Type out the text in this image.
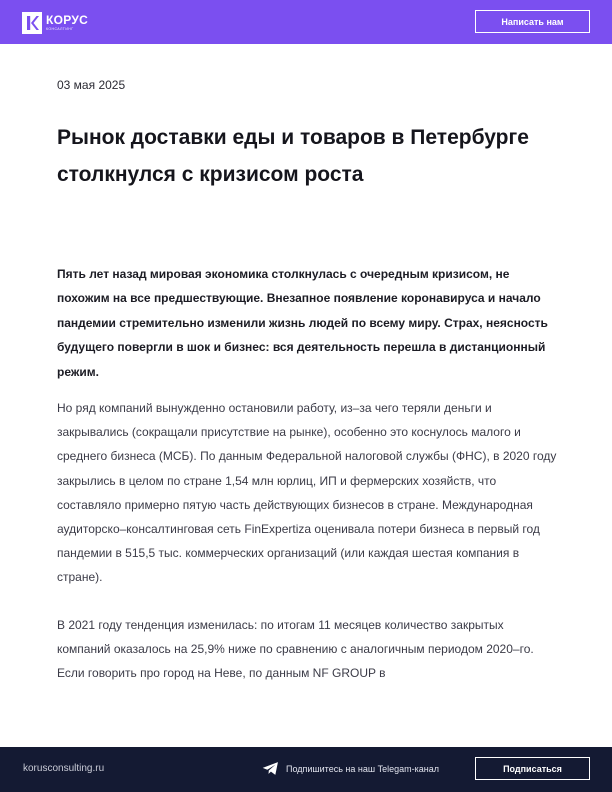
КОРУС
КОНСАЛТИНГ
Написать нам
03 мая 2025
Рынок доставки еды и товаров в Петербурге столкнулся с кризисом роста

Пять лет назад мировая экономика столкнулась с очередным кризисом, не похожим на все предшествующие. Внезапное появление коронавируса и начало пандемии стремительно изменили жизнь людей по всему миру. Страх, неясность будущего повергли в шок и бизнес: вся деятельность перешла в дистанционный режим.

Но ряд компаний вынужденно остановили работу, из–за чего теряли деньги и закрывались (сокращали присутствие на рынке), особенно это коснулось малого и среднего бизнеса (МСБ). По данным Федеральной налоговой службы (ФНС), в 2020 году закрылись в целом по стране 1,54 млн юрлиц, ИП и фермерских хозяйств, что составляло примерно пятую часть действующих бизнесов в стране. Международная аудиторско–консалтинговая сеть FinExpertiza оценивала потери бизнеса в первый год пандемии в 515,5 тыс. коммерческих организаций (или каждая шестая компания в стране).

В 2021 году тенденция изменилась: по итогам 11 месяцев количество закрытых компаний оказалось на 25,9% ниже по сравнению с аналогичным периодом 2020–го. Если говорить про город на Неве, по данным NF GROUP в

korusconsulting.ru	Подпишитесь на наш Telegam-канал	Подписаться
